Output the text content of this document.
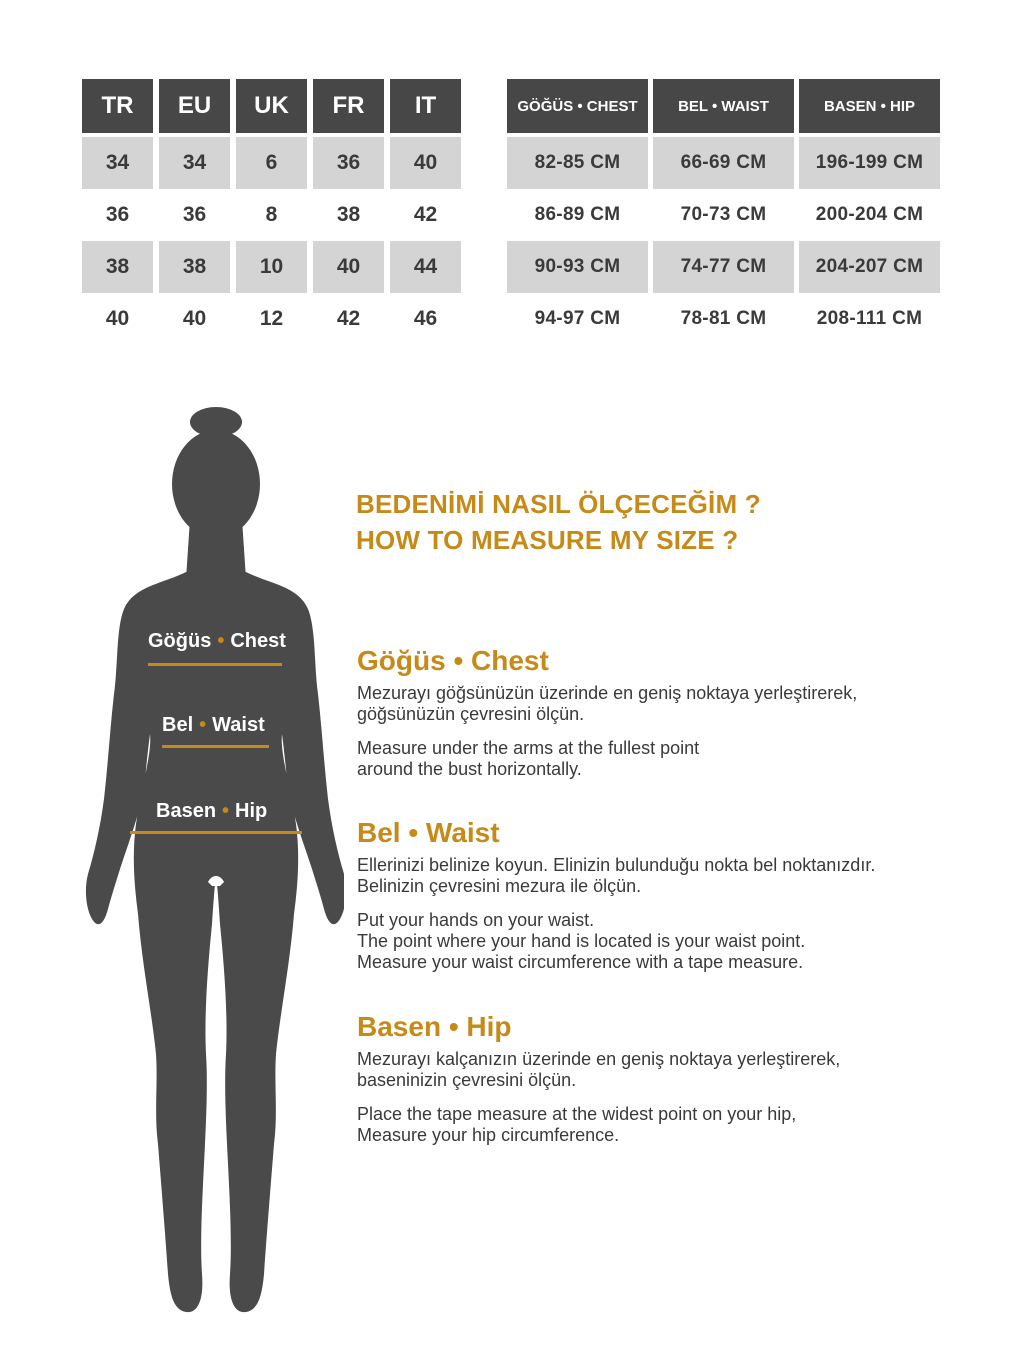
TR	EU	UK	FR	IT
34	34	6	36	40
36	36	8	38	42
38	38	10	40	44
40	40	12	42	46
GÖĞÜS • CHEST	BEL • WAIST	BASEN • HIP
82-85 CM	66-69 CM	196-199 CM
86-89 CM	70-73 CM	200-204 CM
90-93 CM	74-77 CM	204-207 CM
94-97 CM	78-81 CM	208-111 CM
Göğüs • Chest
Bel • Waist
Basen • Hip
BEDENİMİ NASIL ÖLÇECEĞİM ?
HOW TO MEASURE MY SIZE ?
Göğüs • Chest

Mezurayı göğsünüzün üzerinde en geniş noktaya yerleştirerek,
göğsünüzün çevresini ölçün.

Measure under the arms at the fullest point
around the bust horizontally.

Bel • Waist

Ellerinizi belinize koyun. Elinizin bulunduğu nokta bel noktanızdır.
Belinizin çevresini mezura ile ölçün.

Put your hands on your waist.
The point where your hand is located is your waist point.
Measure your waist circumference with a tape measure.

Basen • Hip

Mezurayı kalçanızın üzerinde en geniş noktaya yerleştirerek,
baseninizin çevresini ölçün.

Place the tape measure at the widest point on your hip,
Measure your hip circumference.
